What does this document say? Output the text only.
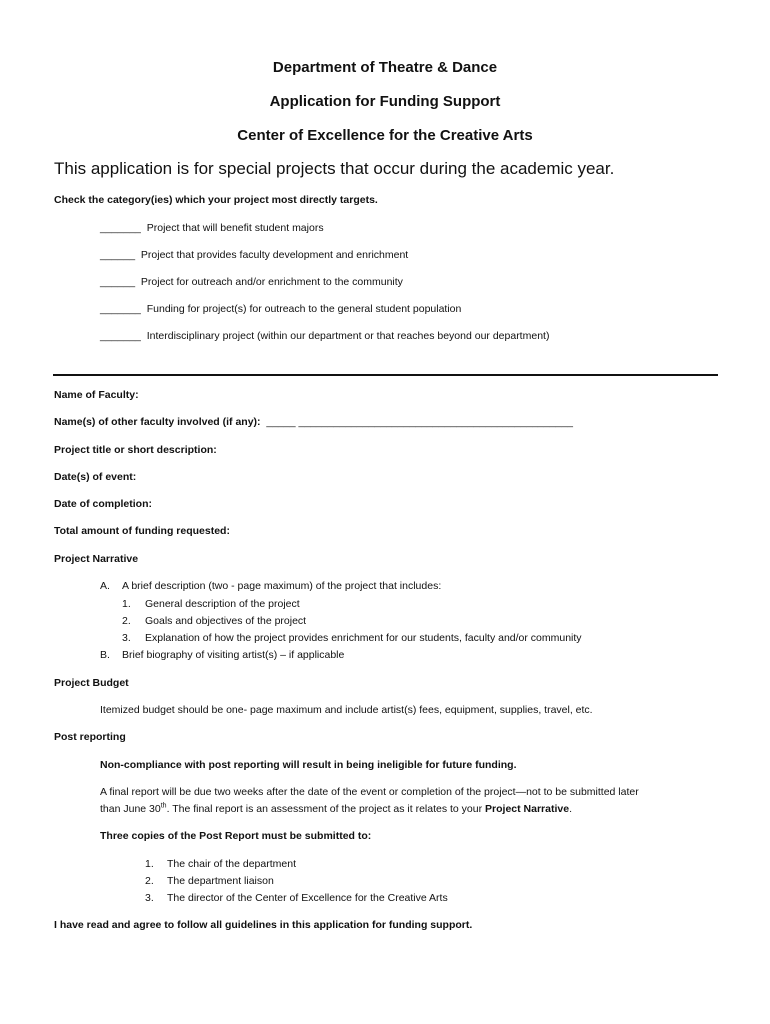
Department of Theatre & Dance
Application for Funding Support
Center of Excellence for the Creative Arts
This application is for special projects that occur during the academic year.
Check the category(ies) which your project most directly targets.
_______ Project that will benefit student majors
______ Project that provides faculty development and enrichment
______ Project for outreach and/or enrichment to the community
_______ Funding for project(s) for outreach to the general student population
_______ Interdisciplinary project (within our department or that reaches beyond our department)
Name of Faculty:
Name(s) of other faculty involved (if any): _____ _______________________________________________
Project title or short description:
Date(s) of event:
Date of completion:
Total amount of funding requested:
Project Narrative
A. A brief description (two - page maximum) of the project that includes:
1. General description of the project
2. Goals and objectives of the project
3. Explanation of how the project provides enrichment for our students, faculty and/or community
B. Brief biography of visiting artist(s) – if applicable
Project Budget
Itemized budget should be one- page maximum and include artist(s) fees, equipment, supplies, travel, etc.
Post reporting
Non-compliance with post reporting will result in being ineligible for future funding.
A final report will be due two weeks after the date of the event or completion of the project—not to be submitted later
than June 30th. The final report is an assessment of the project as it relates to your Project Narrative.
Three copies of the Post Report must be submitted to:
1. The chair of the department
2. The department liaison
3. The director of the Center of Excellence for the Creative Arts
I have read and agree to follow all guidelines in this application for funding support.
